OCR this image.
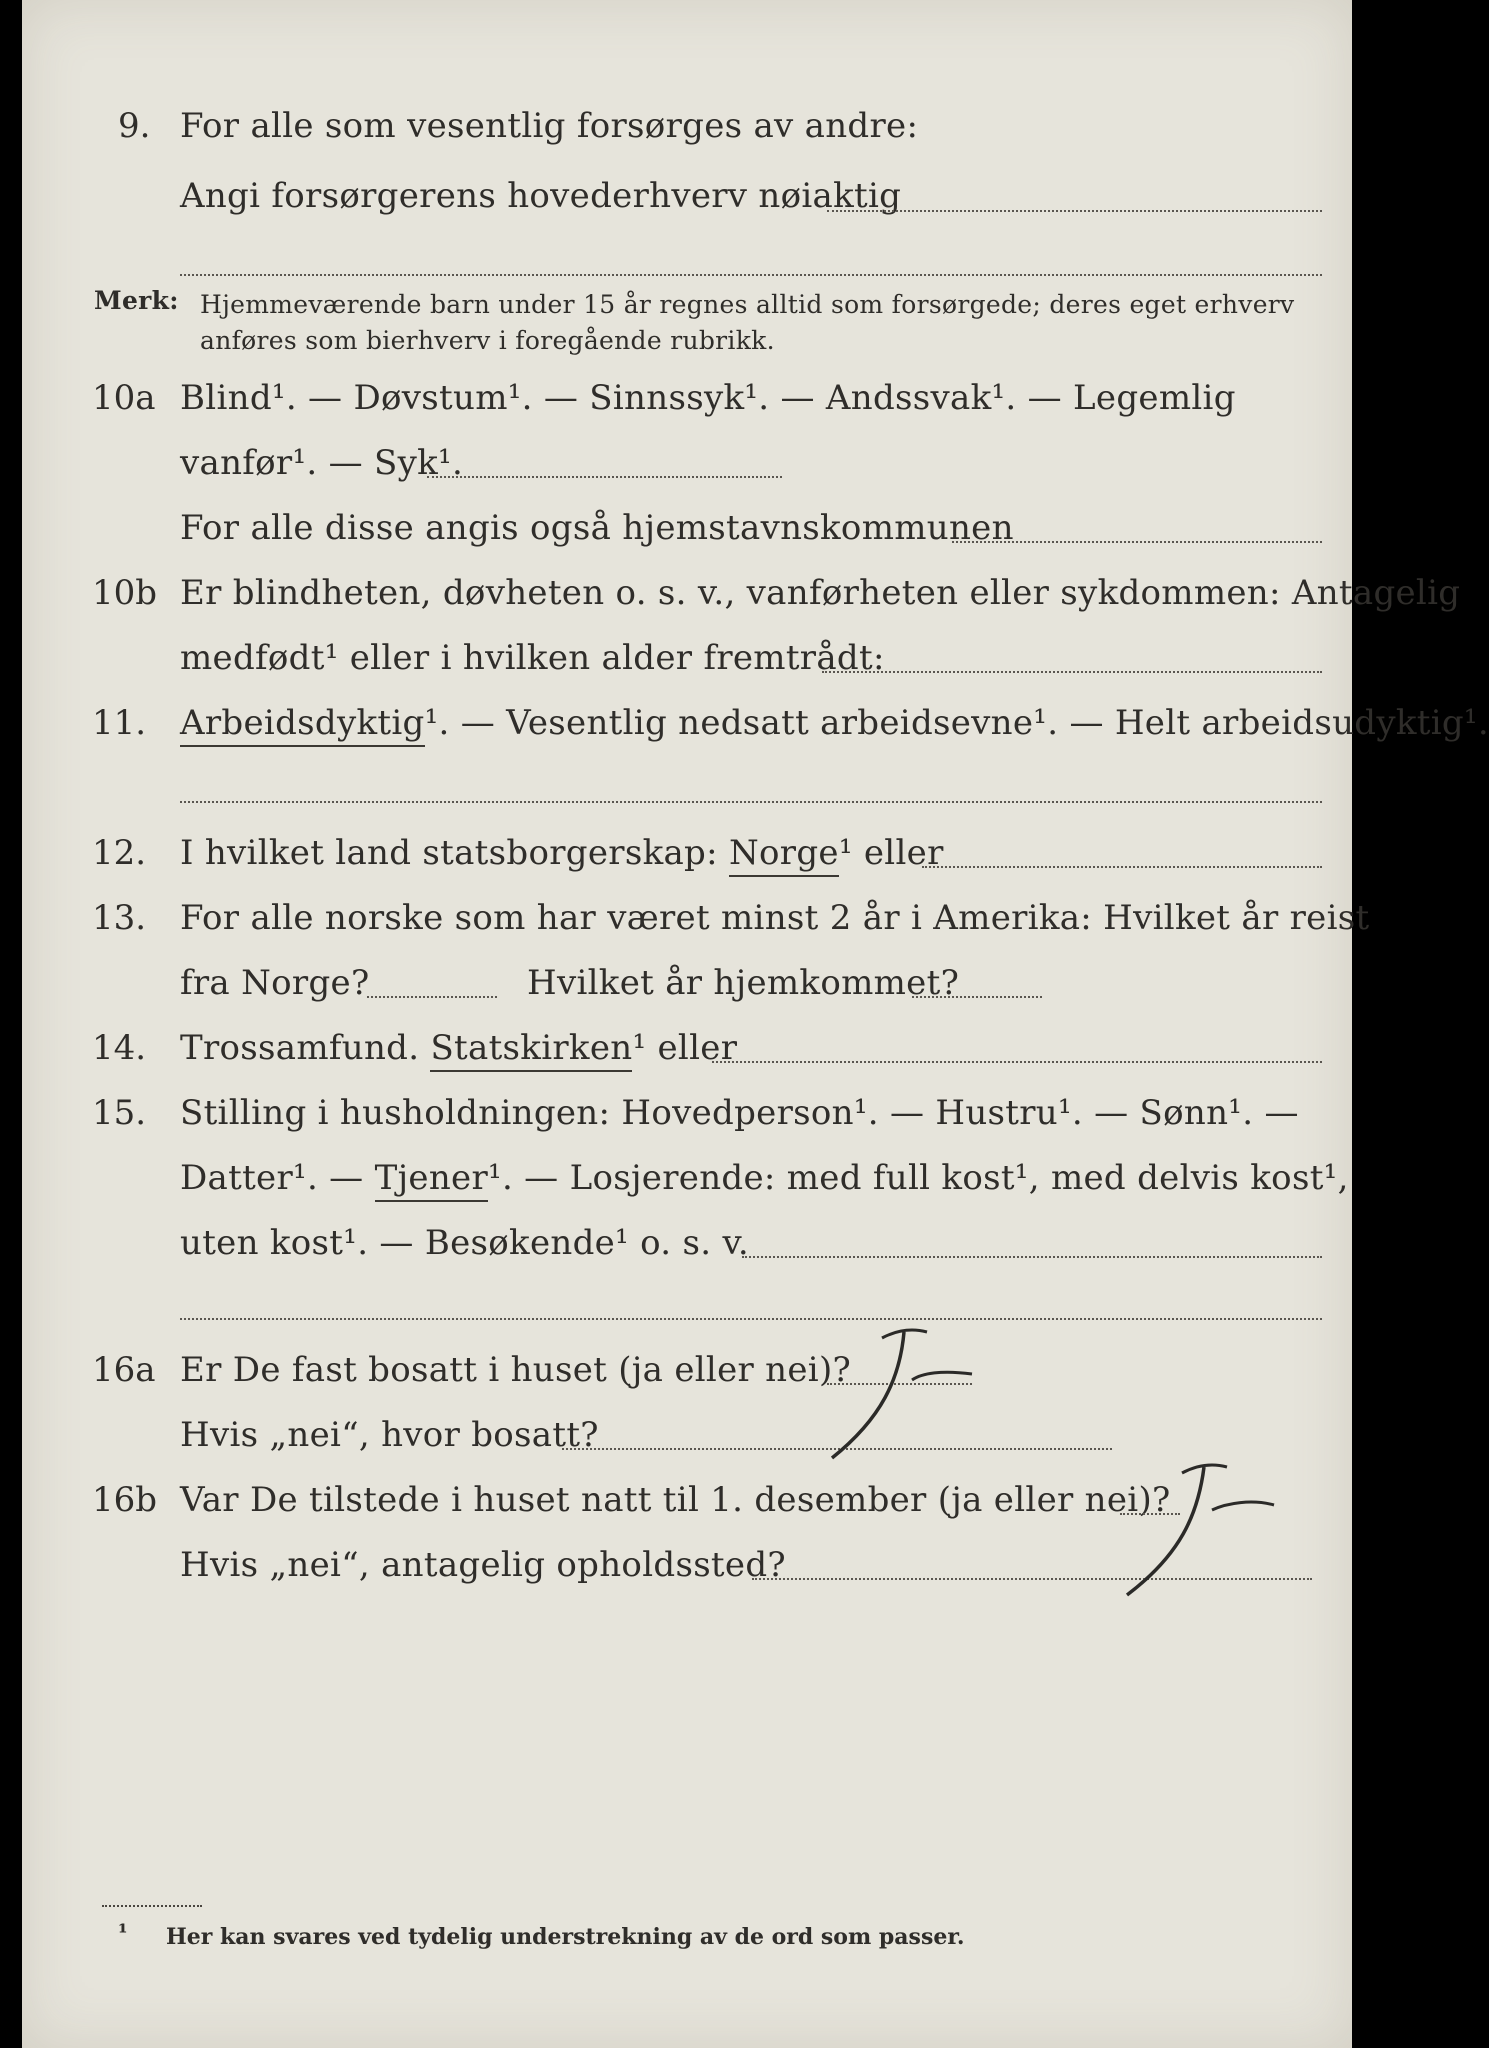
9. For alle som vesentlig forsørges av andre:
Angi forsørgerens hovederhverv nøiaktig
Merk: Hjemmeværende barn under 15 år regnes alltid som forsørgede; deres eget erhverv
anføres som bierhverv i foregående rubrikk.
10a Blind¹. — Døvstum¹. — Sinnssyk¹. — Andssvak¹. — Legemlig
vanfør¹. — Syk¹.
For alle disse angis også hjemstavnskommunen
10b Er blindheten, døvheten o. s. v., vanførheten eller sykdommen: Antagelig
medfødt¹ eller i hvilken alder fremtrådt:
11. Arbeidsdyktig¹. — Vesentlig nedsatt arbeidsevne¹. — Helt arbeidsudyktig¹.
12. I hvilket land statsborgerskap: Norge¹ eller
13. For alle norske som har været minst 2 år i Amerika: Hvilket år reist
fra Norge?	Hvilket år hjemkommet?
14. Trossamfund. Statskirken¹ eller
15. Stilling i husholdningen: Hovedperson¹. — Hustru¹. — Sønn¹. —
Datter¹. — Tjener¹. — Losjerende: med full kost¹, med delvis kost¹,
uten kost¹. — Besøkende¹ o. s. v.
16a Er De fast bosatt i huset (ja eller nei)?
Hvis „nei“, hvor bosatt?
16b Var De tilstede i huset natt til 1. desember (ja eller nei)?
Hvis „nei“, antagelig opholdssted?
¹ Her kan svares ved tydelig understrekning av de ord som passer.
